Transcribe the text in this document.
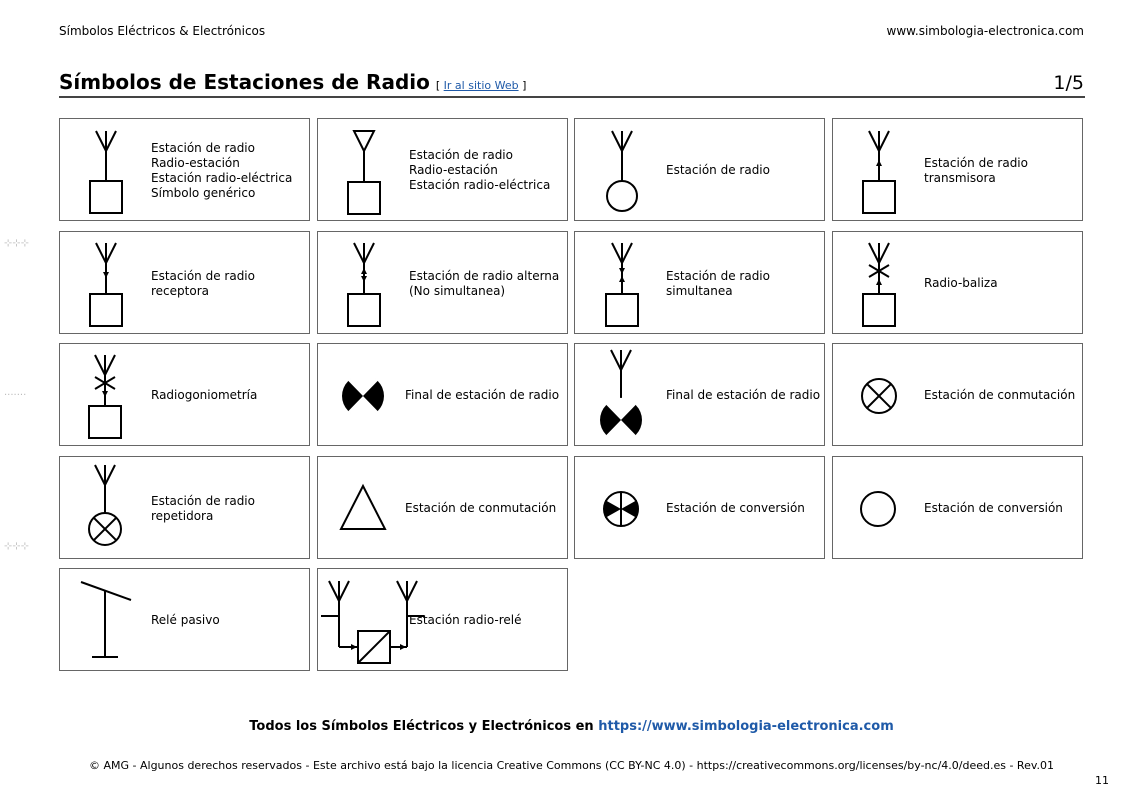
Símbolos Eléctricos & Electrónicos	www.simbologia-electronica.com
Símbolos de Estaciones de Radio [ Ir al sitio Web ]	1/5
⊹⊹⊹
·······
⊹⊹⊹
Estación de radio
Radio-estación
Estación radio-eléctrica
Símbolo genérico
Estación de radio
Radio-estación
Estación radio-eléctrica
Estación de radio
Estación de radio
transmisora
Estación de radio
receptora
Estación de radio alterna
(No simultanea)
Estación de radio
simultanea
Radio-baliza
Radiogoniometría	Final de estación de radio	Final de estación de radio	Estación de conmutación
Estación de radio
repetidora
Estación de conmutación	Estación de conversión	Estación de conversión
Relé pasivo	Estación radio-relé
Todos los Símbolos Eléctricos y Electrónicos en https://www.simbologia-electronica.com
© AMG - Algunos derechos reservados - Este archivo está bajo la licencia Creative Commons (CC BY-NC 4.0) - https://creativecommons.org/licenses/by-nc/4.0/deed.es - Rev.01
11
